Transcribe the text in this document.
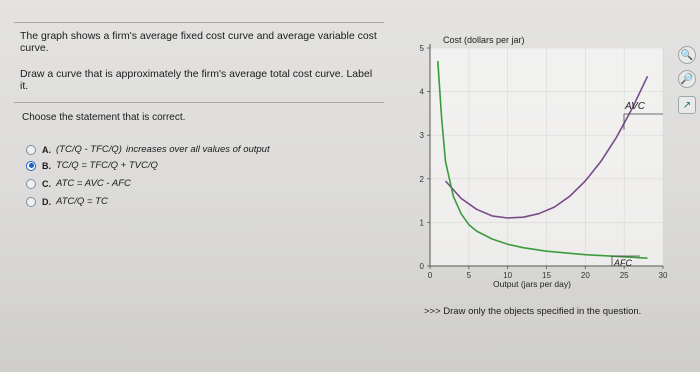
The graph shows a firm's average fixed cost curve and average variable cost curve.

Draw a curve that is approximately the firm's average total cost curve. Label it.

Choose the statement that is correct.
A. (TC/Q - TFC/Q) increases over all values of output
B. TC/Q = TFC/Q + TVC/Q
C. ATC = AVC - AFC
D. ATC/Q = TC
0
1
2
3
4
5
0	5	10	15	20	25	30
Cost (dollars per jar)
Output (jars per day)
AVC
AFC
>>> Draw only the objects specified in the question.
🔍
🔎
↗
